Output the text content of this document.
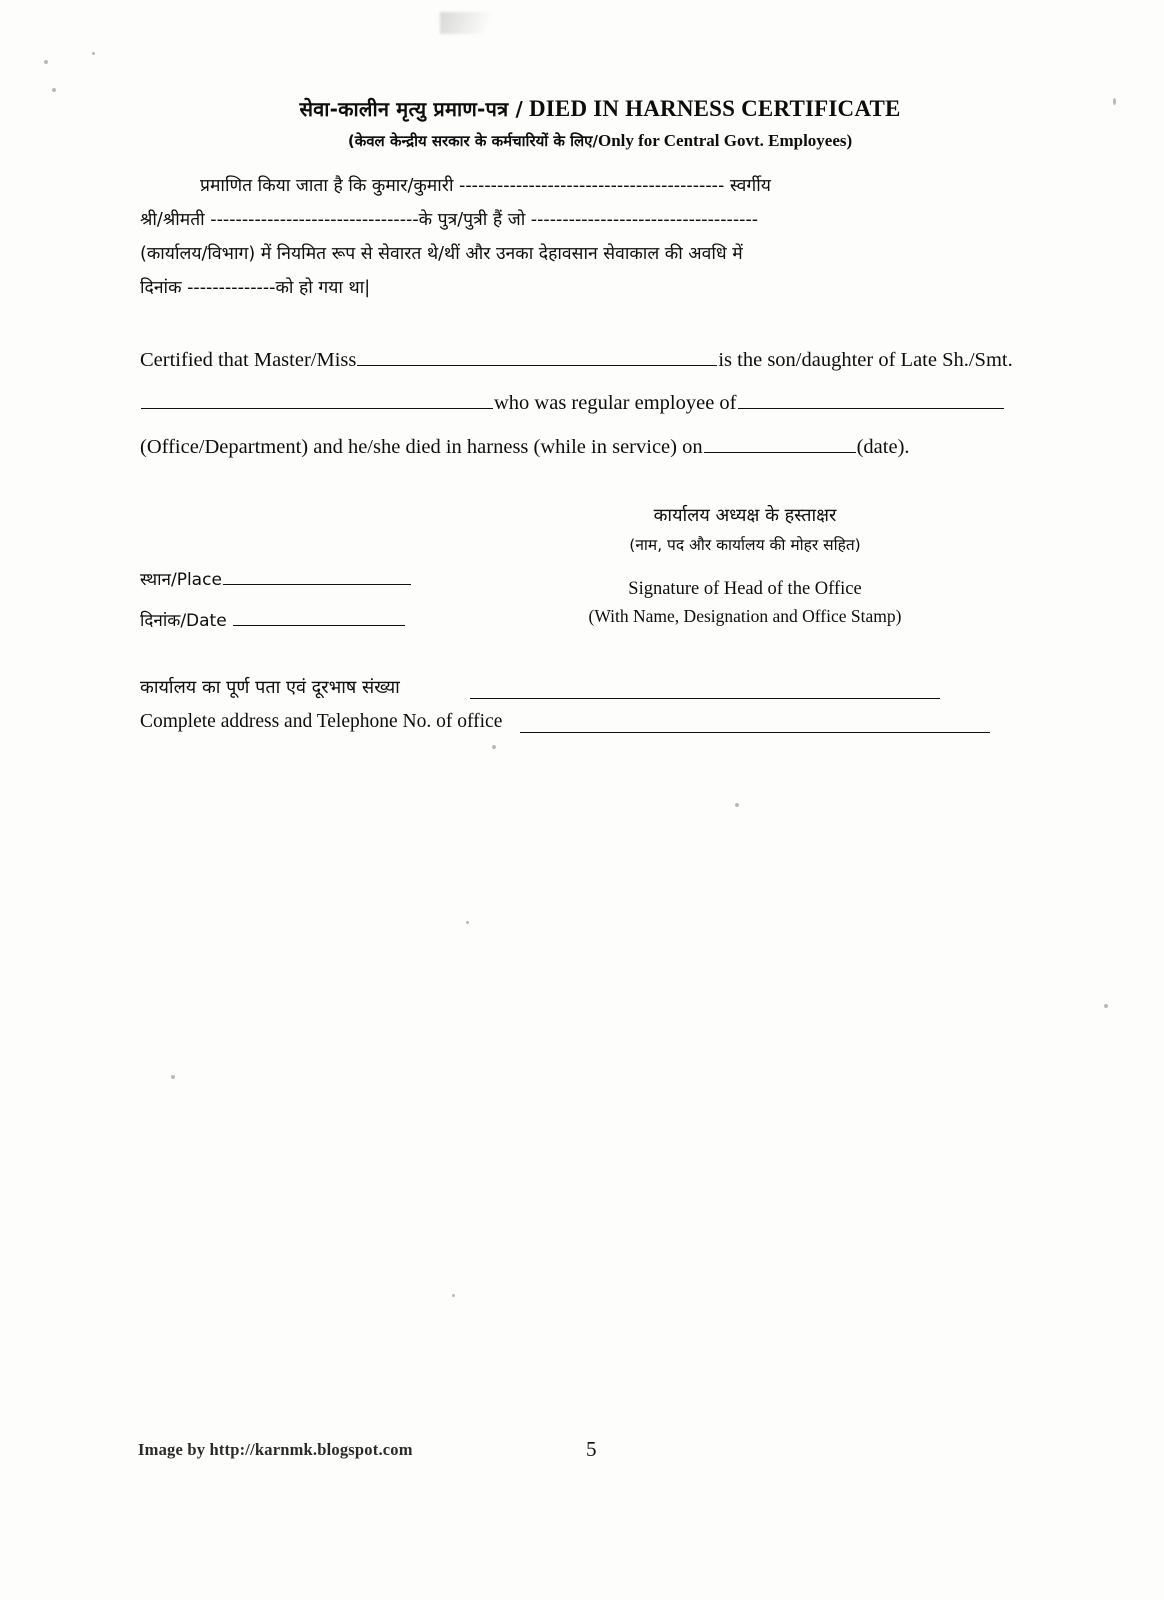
सेवा-कालीन मृत्यु प्रमाण-पत्र / DIED IN HARNESS CERTIFICATE
(केवल केन्द्रीय सरकार के कर्मचारियों के लिए/Only for Central Govt. Employees)
प्रमाणित किया जाता है कि कुमार/कुमारी ------------------------------------------ स्वर्गीय
श्री/श्रीमती ---------------------------------के पुत्र/पुत्री हैं जो ------------------------------------
(कार्यालय/विभाग) में नियमित रूप से सेवारत थे/थीं और उनका देहावसान सेवाकाल की अवधि में
दिनांक --------------को हो गया था|
Certified that Master/Miss	is the son/daughter of Late Sh./Smt.
who was regular employee of
(Office/Department) and he/she died in harness (while in service) on	(date).
कार्यालय अध्यक्ष के हस्ताक्षर
(नाम, पद और कार्यालय की मोहर सहित)
Signature of Head of the Office
(With Name, Designation and Office Stamp)
स्थान/Place
दिनांक/Date
कार्यालय का पूर्ण पता एवं दूरभाष संख्या
Complete address and Telephone No. of office
Image by http://karnmk.blogspot.com	5
